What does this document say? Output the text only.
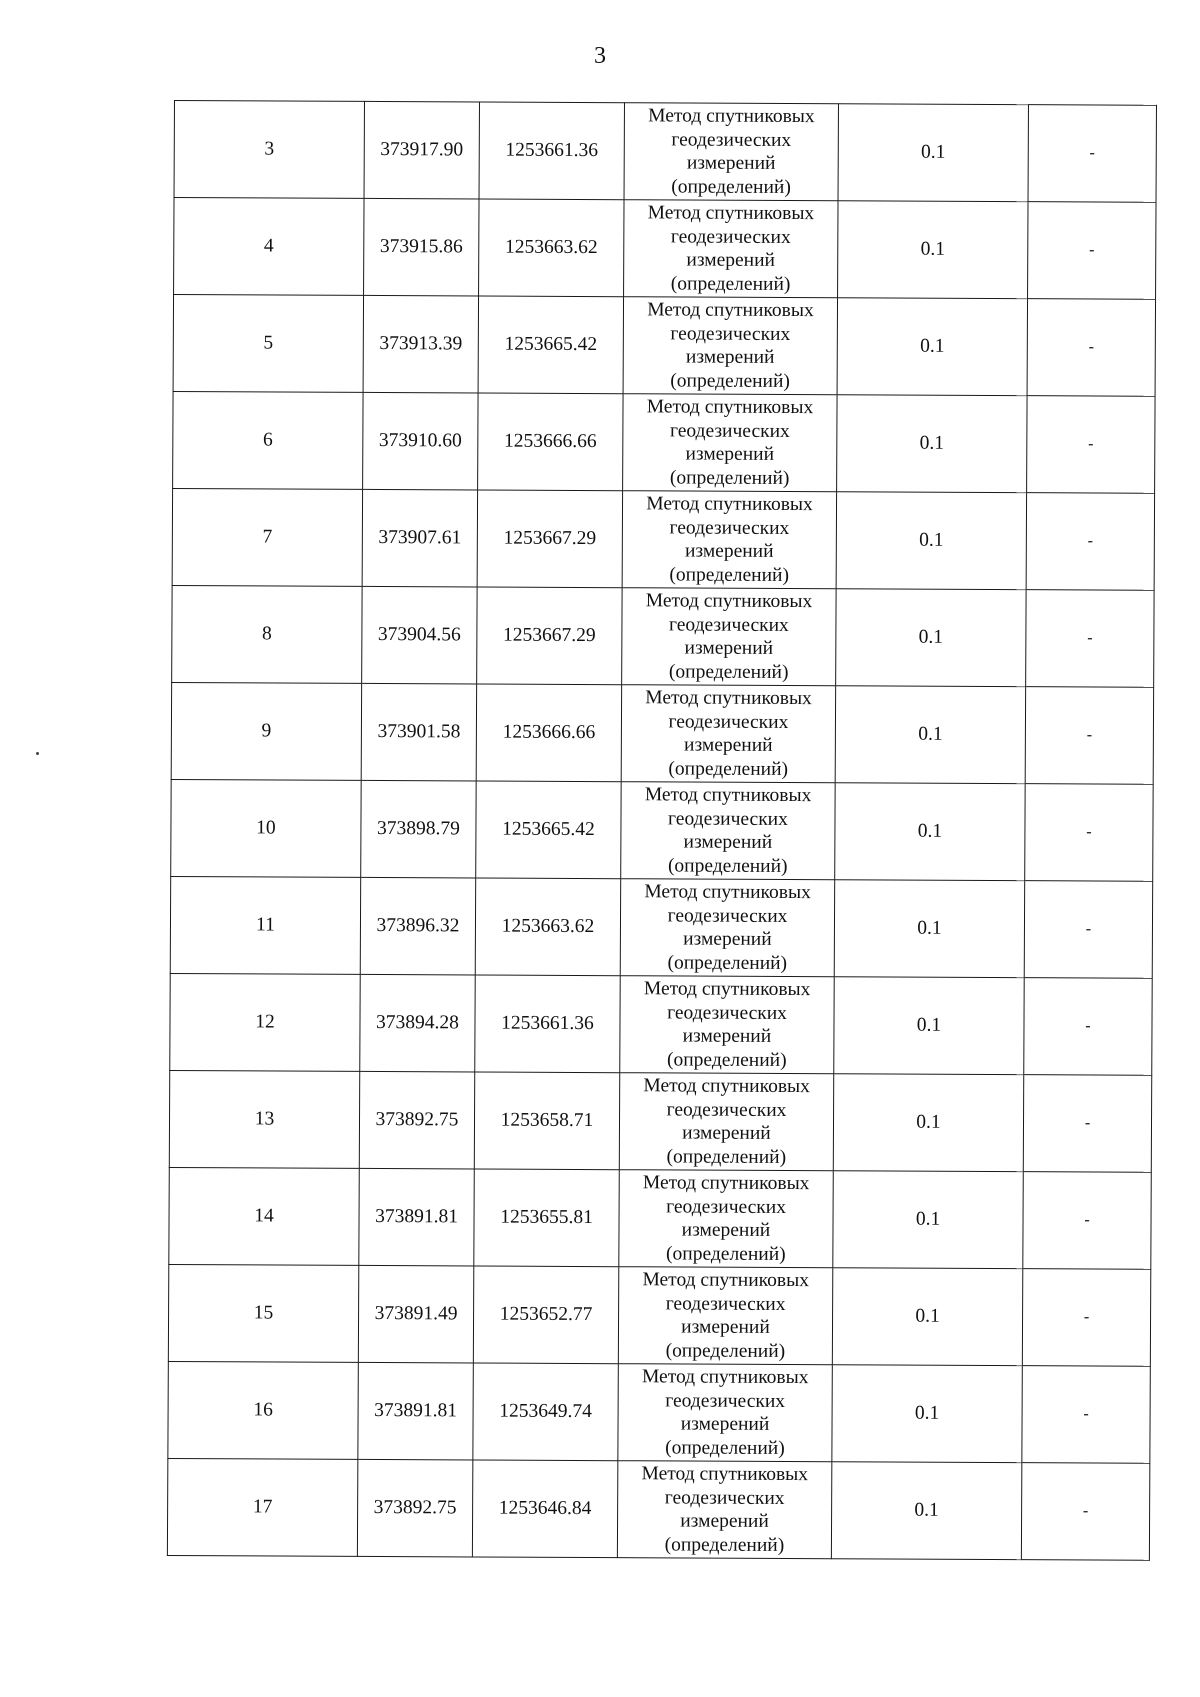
3
3	373917.90	1253661.36	Метод спутниковых
геодезических
измерений
(определений)	0.1	-
4	373915.86	1253663.62	Метод спутниковых
геодезических
измерений
(определений)	0.1	-
5	373913.39	1253665.42	Метод спутниковых
геодезических
измерений
(определений)	0.1	-
6	373910.60	1253666.66	Метод спутниковых
геодезических
измерений
(определений)	0.1	-
7	373907.61	1253667.29	Метод спутниковых
геодезических
измерений
(определений)	0.1	-
8	373904.56	1253667.29	Метод спутниковых
геодезических
измерений
(определений)	0.1	-
9	373901.58	1253666.66	Метод спутниковых
геодезических
измерений
(определений)	0.1	-
10	373898.79	1253665.42	Метод спутниковых
геодезических
измерений
(определений)	0.1	-
11	373896.32	1253663.62	Метод спутниковых
геодезических
измерений
(определений)	0.1	-
12	373894.28	1253661.36	Метод спутниковых
геодезических
измерений
(определений)	0.1	-
13	373892.75	1253658.71	Метод спутниковых
геодезических
измерений
(определений)	0.1	-
14	373891.81	1253655.81	Метод спутниковых
геодезических
измерений
(определений)	0.1	-
15	373891.49	1253652.77	Метод спутниковых
геодезических
измерений
(определений)	0.1	-
16	373891.81	1253649.74	Метод спутниковых
геодезических
измерений
(определений)	0.1	-
17	373892.75	1253646.84	Метод спутниковых
геодезических
измерений
(определений)	0.1	-
